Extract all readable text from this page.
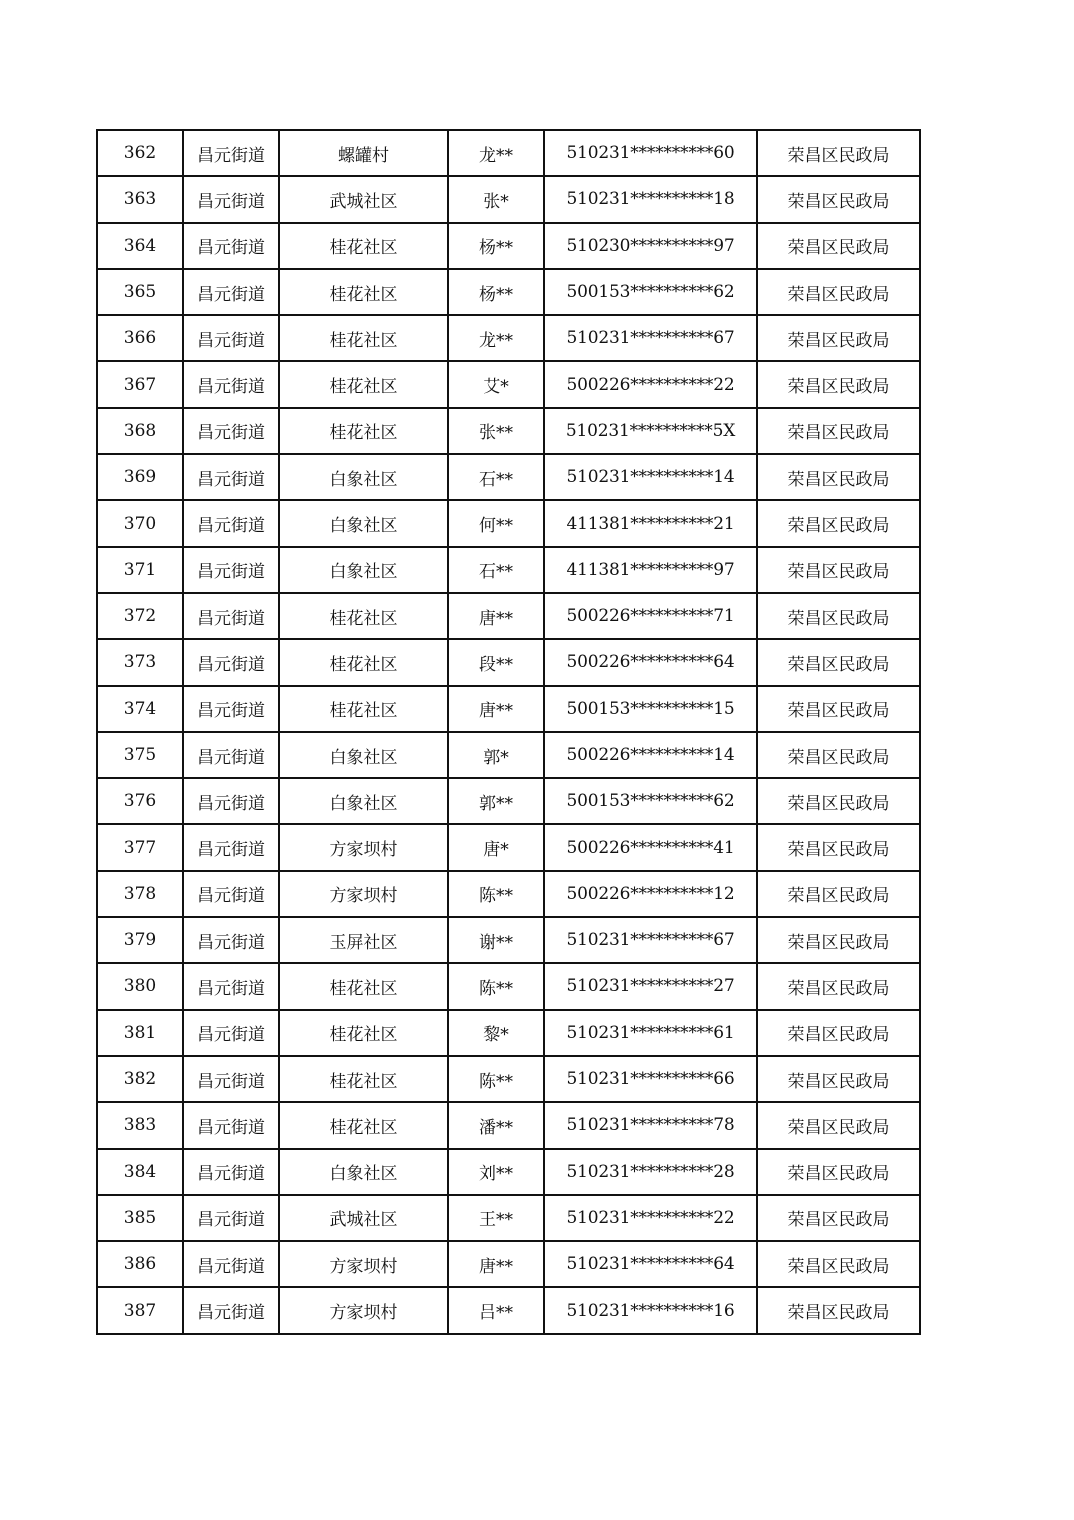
362	昌元街道	螺罐村	龙**	510231**********60	荣昌区民政局
363	昌元街道	武城社区	张*	510231**********18	荣昌区民政局
364	昌元街道	桂花社区	杨**	510230**********97	荣昌区民政局
365	昌元街道	桂花社区	杨**	500153**********62	荣昌区民政局
366	昌元街道	桂花社区	龙**	510231**********67	荣昌区民政局
367	昌元街道	桂花社区	艾*	500226**********22	荣昌区民政局
368	昌元街道	桂花社区	张**	510231**********5X	荣昌区民政局
369	昌元街道	白象社区	石**	510231**********14	荣昌区民政局
370	昌元街道	白象社区	何**	411381**********21	荣昌区民政局
371	昌元街道	白象社区	石**	411381**********97	荣昌区民政局
372	昌元街道	桂花社区	唐**	500226**********71	荣昌区民政局
373	昌元街道	桂花社区	段**	500226**********64	荣昌区民政局
374	昌元街道	桂花社区	唐**	500153**********15	荣昌区民政局
375	昌元街道	白象社区	郭*	500226**********14	荣昌区民政局
376	昌元街道	白象社区	郭**	500153**********62	荣昌区民政局
377	昌元街道	方家坝村	唐*	500226**********41	荣昌区民政局
378	昌元街道	方家坝村	陈**	500226**********12	荣昌区民政局
379	昌元街道	玉屏社区	谢**	510231**********67	荣昌区民政局
380	昌元街道	桂花社区	陈**	510231**********27	荣昌区民政局
381	昌元街道	桂花社区	黎*	510231**********61	荣昌区民政局
382	昌元街道	桂花社区	陈**	510231**********66	荣昌区民政局
383	昌元街道	桂花社区	潘**	510231**********78	荣昌区民政局
384	昌元街道	白象社区	刘**	510231**********28	荣昌区民政局
385	昌元街道	武城社区	王**	510231**********22	荣昌区民政局
386	昌元街道	方家坝村	唐**	510231**********64	荣昌区民政局
387	昌元街道	方家坝村	吕**	510231**********16	荣昌区民政局
